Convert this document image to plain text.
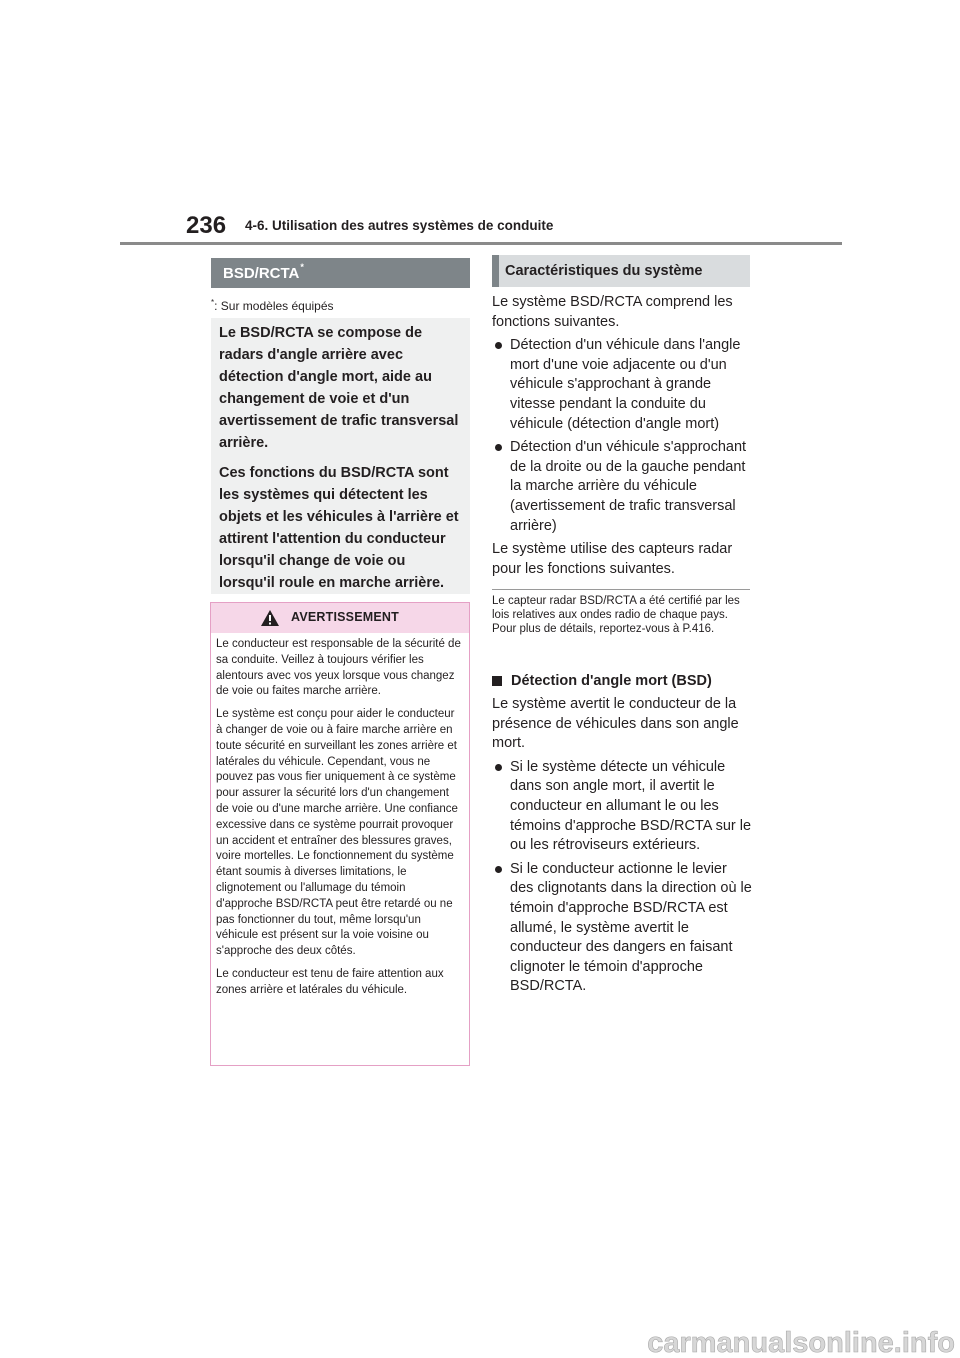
236 4-6. Utilisation des autres systèmes de conduite
BSD/RCTA*
*: Sur modèles équipés

Le BSD/RCTA se compose de radars d'angle arrière avec détection d'angle mort, aide au changement de voie et d'un avertissement de trafic transversal arrière.

Ces fonctions du BSD/RCTA sont les systèmes qui détectent les objets et les véhicules à l'arrière et attirent l'attention du conducteur lorsqu'il change de voie ou lorsqu'il roule en marche arrière.

AVERTISSEMENT

Le conducteur est responsable de la sécurité de sa conduite. Veillez à toujours vérifier les alentours avec vos yeux lorsque vous changez de voie ou faites marche arrière.

Le système est conçu pour aider le conducteur à changer de voie ou à faire marche arrière en toute sécurité en surveillant les zones arrière et latérales du véhicule. Cependant, vous ne pouvez pas vous fier uniquement à ce système pour assurer la sécurité lors d'un changement de voie ou d'une marche arrière. Une confiance excessive dans ce système pourrait provoquer un accident et entraîner des blessures graves, voire mortelles. Le fonctionnement du système étant soumis à diverses limitations, le clignotement ou l'allumage du témoin d'approche BSD/RCTA peut être retardé ou ne pas fonctionner du tout, même lorsqu'un véhicule est présent sur la voie voisine ou s'approche des deux côtés.

Le conducteur est tenu de faire attention aux zones arrière et latérales du véhicule.

Caractéristiques du système

Le système BSD/RCTA comprend les fonctions suivantes.

Détection d'un véhicule dans l'angle mort d'une voie adjacente ou d'un véhicule s'approchant à grande vitesse pendant la conduite du véhicule (détection d'angle mort)
Détection d'un véhicule s'approchant de la droite ou de la gauche pendant la marche arrière du véhicule (avertissement de trafic transversal arrière)

Le système utilise des capteurs radar pour les fonctions suivantes.

Le capteur radar BSD/RCTA a été certifié par les lois relatives aux ondes radio de chaque pays. Pour plus de détails, reportez-vous à P.416.
Détection d'angle mort (BSD)

Le système avertit le conducteur de la présence de véhicules dans son angle mort.

Si le système détecte un véhicule dans son angle mort, il avertit le conducteur en allumant le ou les témoins d'approche BSD/RCTA sur le ou les rétroviseurs extérieurs.
Si le conducteur actionne le levier des clignotants dans la direction où le témoin d'approche BSD/RCTA est allumé, le système avertit le conducteur des dangers en faisant clignoter le témoin d'approche BSD/RCTA.
carmanualsonline.info
